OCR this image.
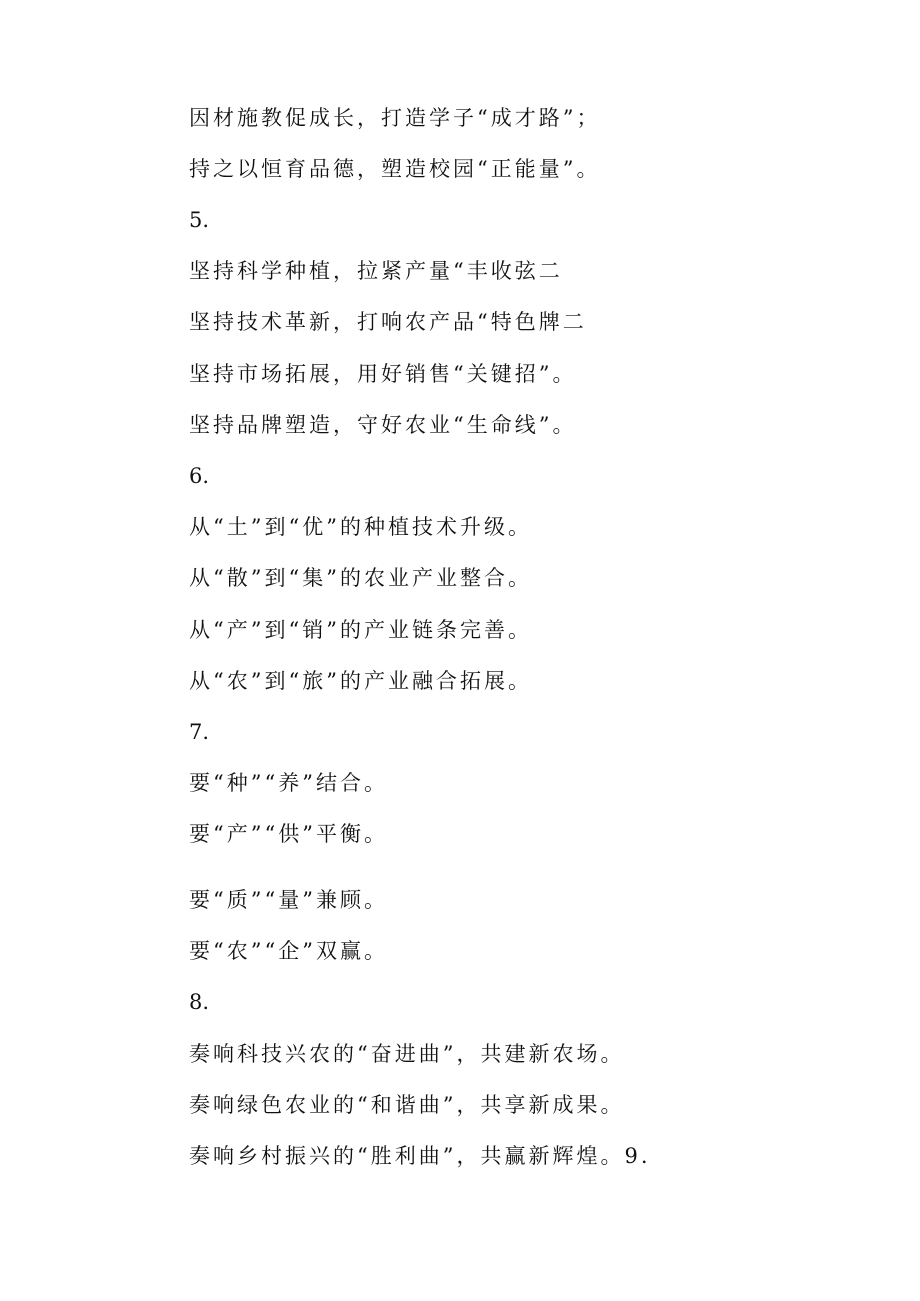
因材施教促成长，打造学子“成才路”；
持之以恒育品德，塑造校园“正能量”。
5.
坚持科学种植，拉紧产量“丰收弦二
坚持技术革新，打响农产品“特色牌二
坚持市场拓展，用好销售“关键招”。
坚持品牌塑造，守好农业“生命线”。
6.
从“土”到“优”的种植技术升级。
从“散”到“集”的农业产业整合。
从“产”到“销”的产业链条完善。
从“农”到“旅”的产业融合拓展。
7.
要“种”“养”结合。
要“产”“供”平衡。
要“质”“量”兼顾。
要“农”“企”双赢。
8.
奏响科技兴农的“奋进曲”，共建新农场。
奏响绿色农业的“和谐曲”，共享新成果。
奏响乡村振兴的“胜利曲”，共赢新辉煌。9.
